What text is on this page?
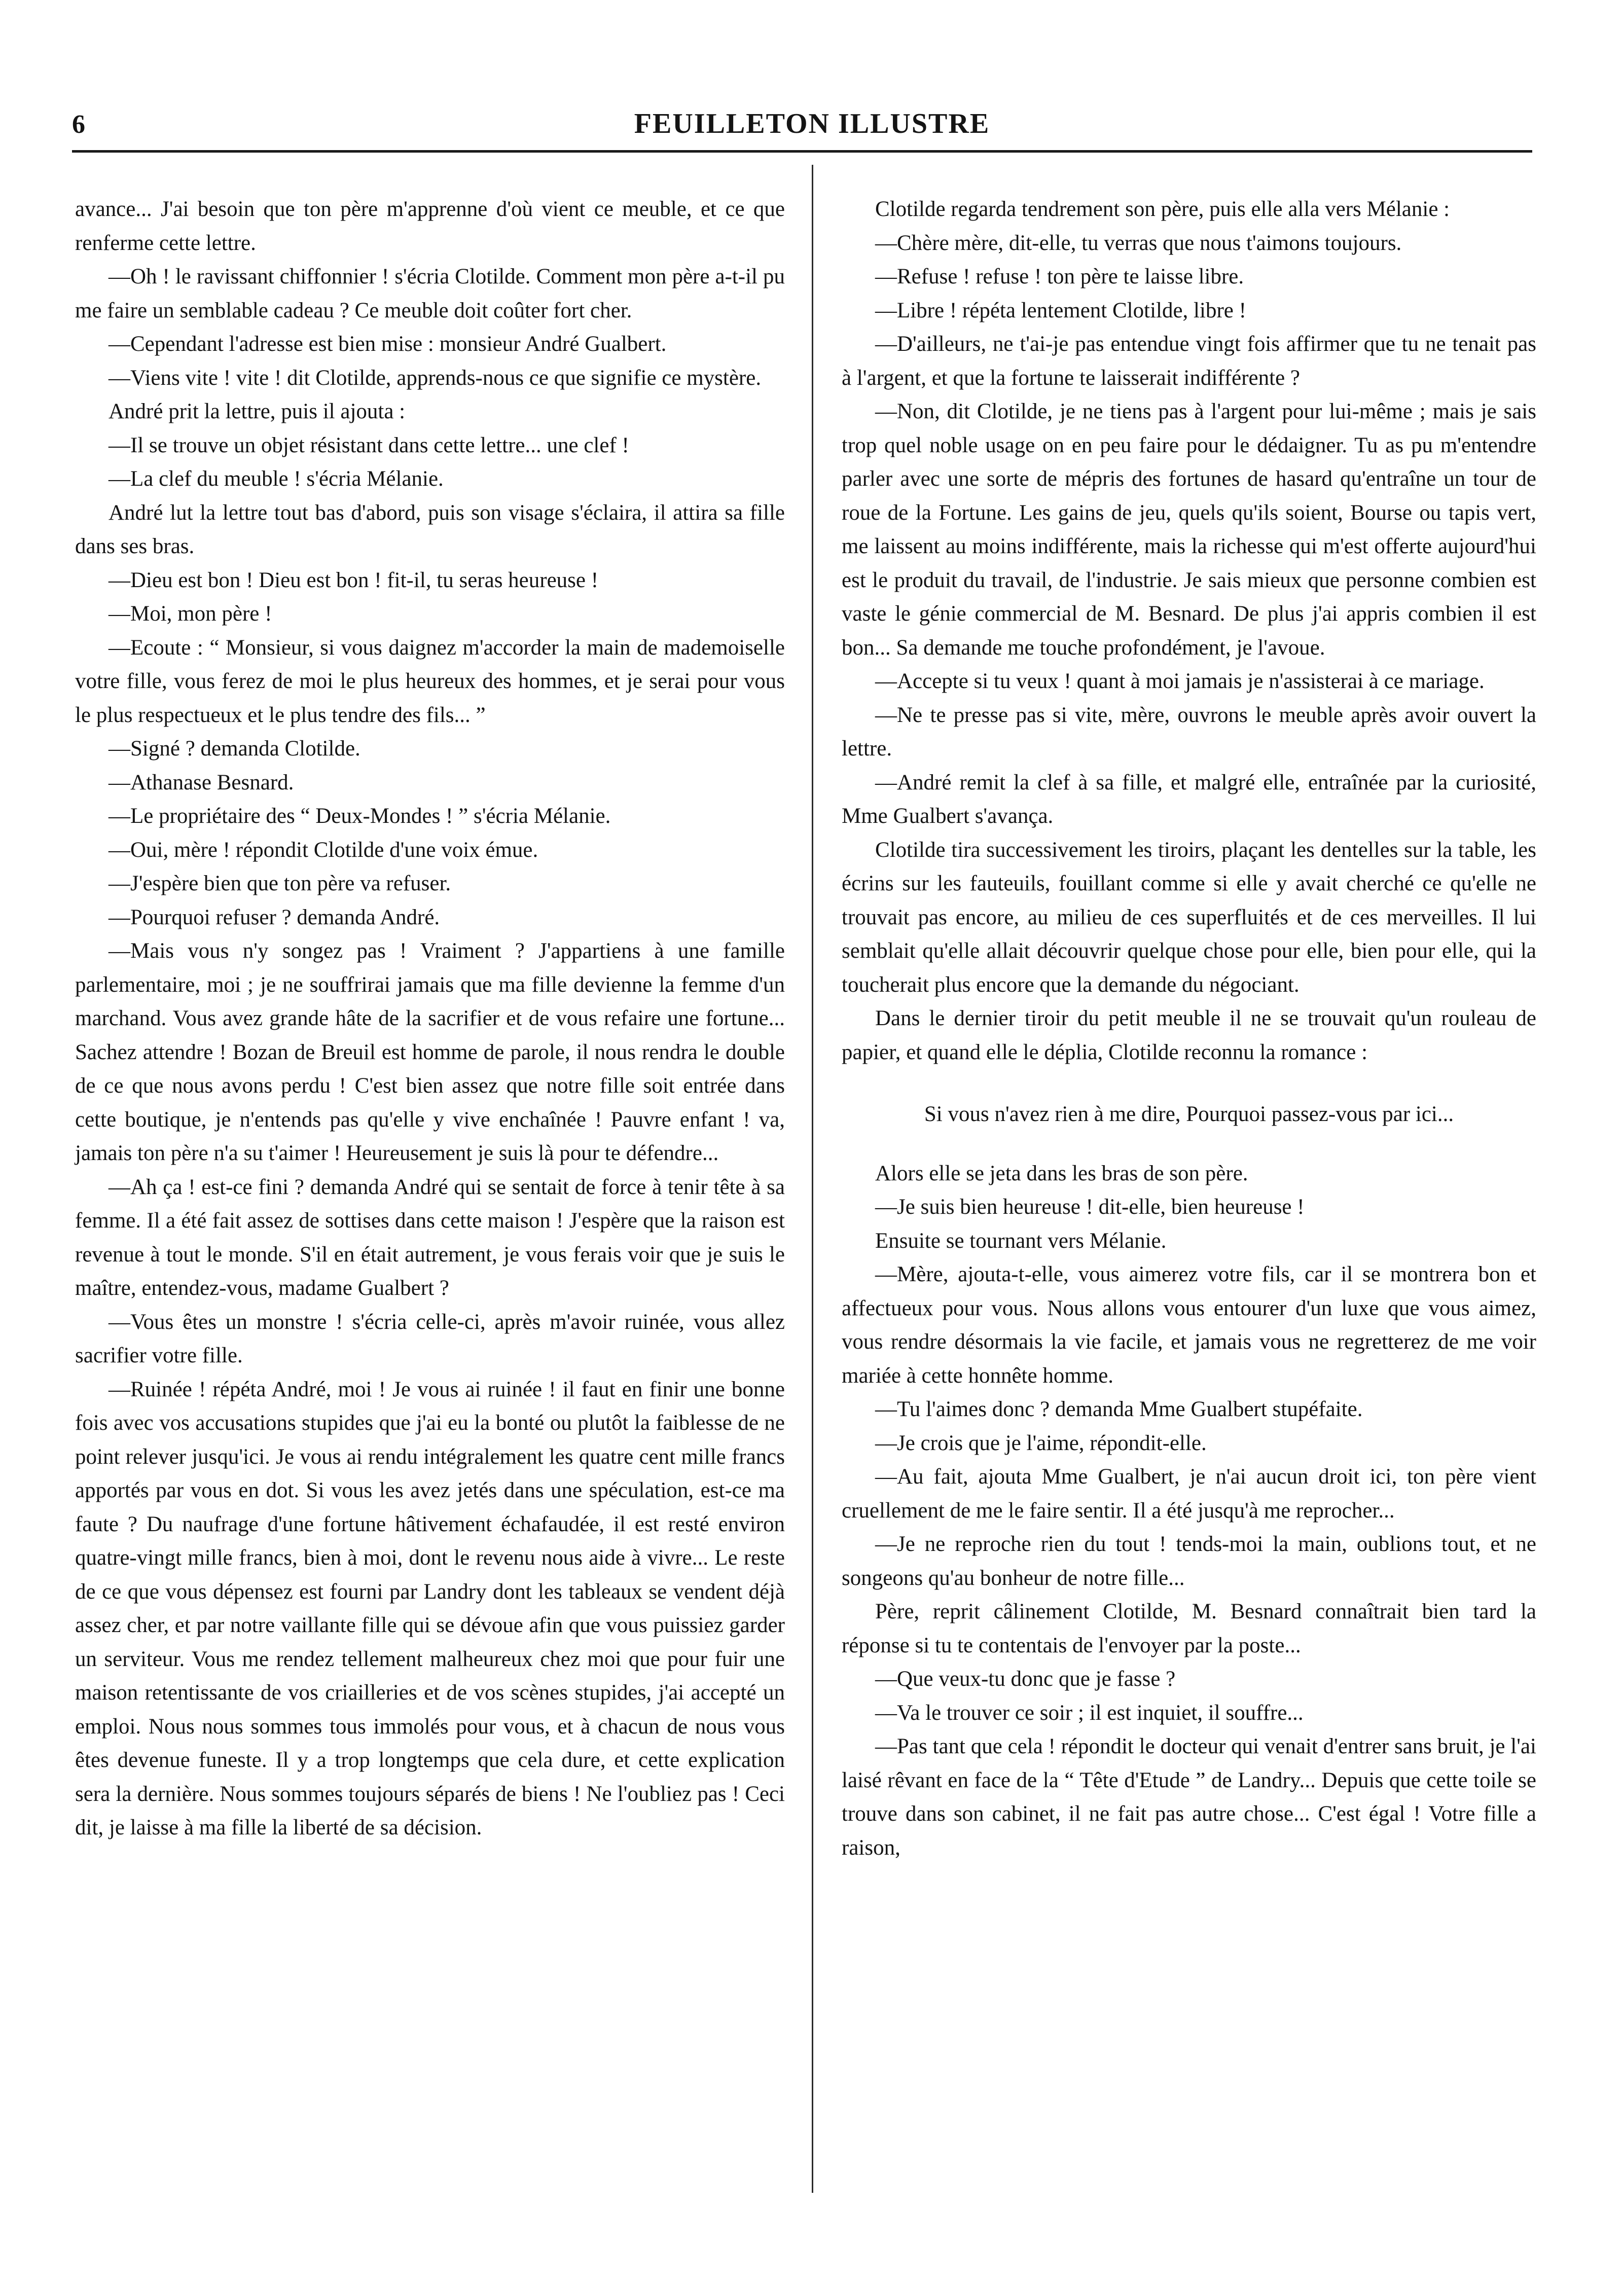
6	FEUILLETON ILLUSTRE

avance... J'ai besoin que ton père m'apprenne d'où vient ce meuble, et ce que renferme cette lettre.

—Oh ! le ravissant chiffonnier ! s'écria Clotilde. Comment mon père a-t-il pu me faire un semblable cadeau ? Ce meuble doit coûter fort cher.

—Cependant l'adresse est bien mise : monsieur André Gualbert.

—Viens vite ! vite ! dit Clotilde, apprends-nous ce que signifie ce mystère.

André prit la lettre, puis il ajouta :

—Il se trouve un objet résistant dans cette lettre... une clef !

—La clef du meuble ! s'écria Mélanie.

André lut la lettre tout bas d'abord, puis son visage s'éclaira, il attira sa fille dans ses bras.

—Dieu est bon ! Dieu est bon ! fit-il, tu seras heureuse !

—Moi, mon père !

—Ecoute : “ Monsieur, si vous daignez m'accorder la main de mademoiselle votre fille, vous ferez de moi le plus heureux des hommes, et je serai pour vous le plus respectueux et le plus tendre des fils... ”

—Signé ? demanda Clotilde.

—Athanase Besnard.

—Le propriétaire des “ Deux-Mondes ! ” s'écria Mélanie.

—Oui, mère ! répondit Clotilde d'une voix émue.

—J'espère bien que ton père va refuser.

—Pourquoi refuser ? demanda André.

—Mais vous n'y songez pas ! Vraiment ? J'appartiens à une famille parlementaire, moi ; je ne souffrirai jamais que ma fille devienne la femme d'un marchand. Vous avez grande hâte de la sacrifier et de vous refaire une fortune... Sachez attendre ! Bozan de Breuil est homme de parole, il nous rendra le double de ce que nous avons perdu ! C'est bien assez que notre fille soit entrée dans cette boutique, je n'entends pas qu'elle y vive enchaînée ! Pauvre enfant ! va, jamais ton père n'a su t'aimer ! Heureusement je suis là pour te défendre...

—Ah ça ! est-ce fini ? demanda André qui se sentait de force à tenir tête à sa femme. Il a été fait assez de sottises dans cette maison ! J'espère que la raison est revenue à tout le monde. S'il en était autrement, je vous ferais voir que je suis le maître, entendez-vous, madame Gualbert ?

—Vous êtes un monstre ! s'écria celle-ci, après m'avoir ruinée, vous allez sacrifier votre fille.

—Ruinée ! répéta André, moi ! Je vous ai ruinée ! il faut en finir une bonne fois avec vos accusations stupides que j'ai eu la bonté ou plutôt la faiblesse de ne point relever jusqu'ici. Je vous ai rendu intégralement les quatre cent mille francs apportés par vous en dot. Si vous les avez jetés dans une spéculation, est-ce ma faute ? Du naufrage d'une fortune hâtivement échafaudée, il est resté environ quatre-vingt mille francs, bien à moi, dont le revenu nous aide à vivre... Le reste de ce que vous dépensez est fourni par Landry dont les tableaux se vendent déjà assez cher, et par notre vaillante fille qui se dévoue afin que vous puissiez garder un serviteur. Vous me rendez tellement malheureux chez moi que pour fuir une maison retentissante de vos criailleries et de vos scènes stupides, j'ai accepté un emploi. Nous nous sommes tous immolés pour vous, et à chacun de nous vous êtes devenue funeste. Il y a trop longtemps que cela dure, et cette explication sera la dernière. Nous sommes toujours séparés de biens ! Ne l'oubliez pas ! Ceci dit, je laisse à ma fille la liberté de sa décision.

Clotilde regarda tendrement son père, puis elle alla vers Mélanie :

—Chère mère, dit-elle, tu verras que nous t'aimons toujours.

—Refuse ! refuse ! ton père te laisse libre.

—Libre ! répéta lentement Clotilde, libre !

—D'ailleurs, ne t'ai-je pas entendue vingt fois affirmer que tu ne tenait pas à l'argent, et que la fortune te laisserait indifférente ?

—Non, dit Clotilde, je ne tiens pas à l'argent pour lui-même ; mais je sais trop quel noble usage on en peu faire pour le dédaigner. Tu as pu m'entendre parler avec une sorte de mépris des fortunes de hasard qu'entraîne un tour de roue de la Fortune. Les gains de jeu, quels qu'ils soient, Bourse ou tapis vert, me laissent au moins indifférente, mais la richesse qui m'est offerte aujourd'hui est le produit du travail, de l'industrie. Je sais mieux que personne combien est vaste le génie commercial de M. Besnard. De plus j'ai appris combien il est bon... Sa demande me touche profondément, je l'avoue.

—Accepte si tu veux ! quant à moi jamais je n'assisterai à ce mariage.

—Ne te presse pas si vite, mère, ouvrons le meuble après avoir ouvert la lettre.

—André remit la clef à sa fille, et malgré elle, entraînée par la curiosité, Mme Gualbert s'avança.

Clotilde tira successivement les tiroirs, plaçant les dentelles sur la table, les écrins sur les fauteuils, fouillant comme si elle y avait cherché ce qu'elle ne trouvait pas encore, au milieu de ces superfluités et de ces merveilles. Il lui semblait qu'elle allait découvrir quelque chose pour elle, bien pour elle, qui la toucherait plus encore que la demande du négociant.

Dans le dernier tiroir du petit meuble il ne se trouvait qu'un rouleau de papier, et quand elle le déplia, Clotilde reconnu la romance :

Si vous n'avez rien à me dire, Pourquoi passez-vous par ici...

Alors elle se jeta dans les bras de son père.

—Je suis bien heureuse ! dit-elle, bien heureuse !

Ensuite se tournant vers Mélanie.

—Mère, ajouta-t-elle, vous aimerez votre fils, car il se montrera bon et affectueux pour vous. Nous allons vous entourer d'un luxe que vous aimez, vous rendre désormais la vie facile, et jamais vous ne regretterez de me voir mariée à cette honnête homme.

—Tu l'aimes donc ? demanda Mme Gualbert stupéfaite.

—Je crois que je l'aime, répondit-elle.

—Au fait, ajouta Mme Gualbert, je n'ai aucun droit ici, ton père vient cruellement de me le faire sentir. Il a été jusqu'à me reprocher...

—Je ne reproche rien du tout ! tends-moi la main, oublions tout, et ne songeons qu'au bonheur de notre fille...

Père, reprit câlinement Clotilde, M. Besnard connaîtrait bien tard la réponse si tu te contentais de l'envoyer par la poste...

—Que veux-tu donc que je fasse ?

—Va le trouver ce soir ; il est inquiet, il souffre...

—Pas tant que cela ! répondit le docteur qui venait d'entrer sans bruit, je l'ai laisé rêvant en face de la “ Tête d'Etude ” de Landry... Depuis que cette toile se trouve dans son cabinet, il ne fait pas autre chose... C'est égal ! Votre fille a raison,
